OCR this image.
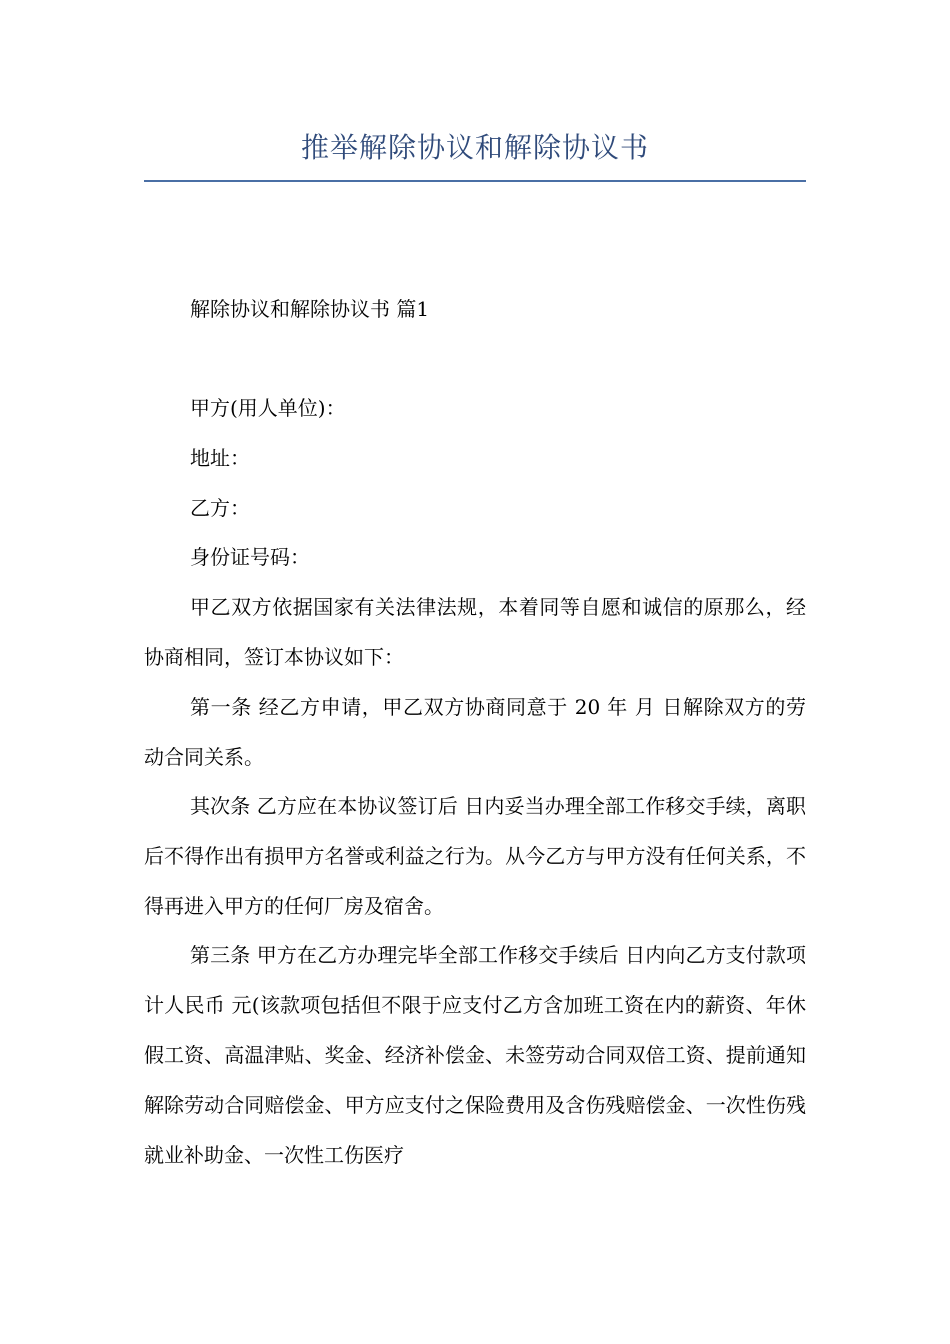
推举解除协议和解除协议书

解除协议和解除协议书 篇1

甲方(用人单位)：

地址：

乙方：

身份证号码：

甲乙双方依据国家有关法律法规，本着同等自愿和诚信的原那么，经协商相同，签订本协议如下：

第一条 经乙方申请，甲乙双方协商同意于 20 年 月 日解除双方的劳动合同关系。

其次条 乙方应在本协议签订后 日内妥当办理全部工作移交手续，离职后不得作出有损甲方名誉或利益之行为。从今乙方与甲方没有任何关系，不得再进入甲方的任何厂房及宿舍。

第三条 甲方在乙方办理完毕全部工作移交手续后 日内向乙方支付款项计人民币 元(该款项包括但不限于应支付乙方含加班工资在内的薪资、年休假工资、高温津贴、奖金、经济补偿金、未签劳动合同双倍工资、提前通知解除劳动合同赔偿金、甲方应支付之保险费用及含伤残赔偿金、一次性伤残就业补助金、一次性工伤医疗
